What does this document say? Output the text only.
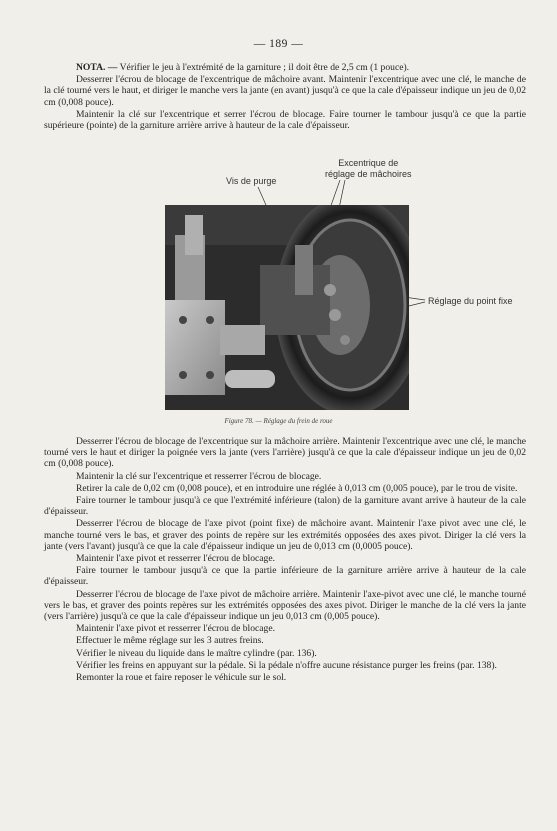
— 189 —

NOTA. — Vérifier le jeu à l'extrémité de la garniture ; il doit être de 2,5 cm (1 pouce).

Desserrer l'écrou de blocage de l'excentrique de mâchoire avant. Maintenir l'excentrique avec une clé, le manche de la clé tourné vers le haut, et diriger le manche vers la jante (en avant) jusqu'à ce que la cale d'épaisseur indique un jeu de 0,02 cm (0,008 pouce).

Maintenir la clé sur l'excentrique et serrer l'écrou de blocage. Faire tourner le tambour jusqu'à ce que la partie supérieure (pointe) de la garniture arrière arrive à hauteur de la cale d'épaisseur.

Vis de purge
Excentrique de
réglage de mâchoires
Réglage du point fixe
Figure 78. — Réglage du frein de roue

Desserrer l'écrou de blocage de l'excentrique sur la mâchoire arrière. Maintenir l'excentrique avec une clé, le manche tourné vers le haut et diriger la poignée vers la jante (vers l'arrière) jusqu'à ce que la cale d'épaisseur indique un jeu de 0,02 cm (0,008 pouce).

Maintenir la clé sur l'excentrique et resserrer l'écrou de blocage.

Retirer la cale de 0,02 cm (0,008 pouce), et en introduire une réglée à 0,013 cm (0,005 pouce), par le trou de visite.

Faire tourner le tambour jusqu'à ce que l'extrémité inférieure (talon) de la garniture avant arrive à hauteur de la cale d'épaisseur.

Desserrer l'écrou de blocage de l'axe pivot (point fixe) de mâchoire avant. Maintenir l'axe pivot avec une clé, le manche tourné vers le bas, et graver des points de repère sur les extrémités opposées des axes pivot. Diriger la clé vers la jante (vers l'avant) jusqu'à ce que la cale d'épaisseur indique un jeu de 0,013 cm (0,0005 pouce).

Maintenir l'axe pivot et resserrer l'écrou de blocage.

Faire tourner le tambour jusqu'à ce que la partie inférieure de la garniture arrière arrive à hauteur de la cale d'épaisseur.

Desserrer l'écrou de blocage de l'axe pivot de mâchoire arrière. Maintenir l'axe-pivot avec une clé, le manche tourné vers le bas, et graver des points repères sur les extrémités opposées des axes pivot. Diriger le manche de la clé vers la jante (vers l'arrière) jusqu'à ce que la cale d'épaisseur indique un jeu 0,013 cm (0,005 pouce).

Maintenir l'axe pivot et resserrer l'écrou de blocage.

Effectuer le même réglage sur les 3 autres freins.

Vérifier le niveau du liquide dans le maître cylindre (par. 136).

Vérifier les freins en appuyant sur la pédale. Si la pédale n'offre aucune résistance purger les freins (par. 138).

Remonter la roue et faire reposer le véhicule sur le sol.
